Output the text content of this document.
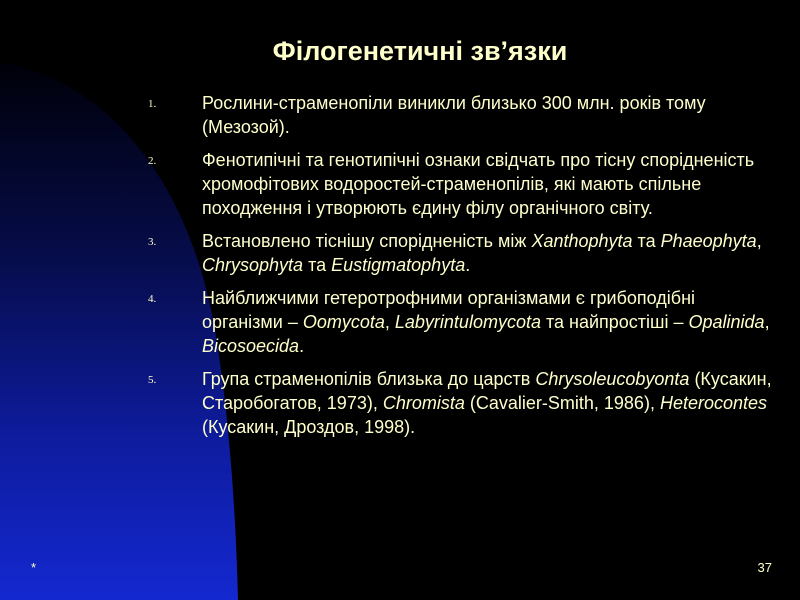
Філогенетичні зв’язки
1.	Рослини-страменопіли виникли близько 300 млн. років тому (Мезозой).
2.	Фенотипічні та генотипічні ознаки свідчать про тісну спорідненість хромофітових водоростей-страменопілів, які мають спільне походження і утворюють єдину філу органічного світу.
3.	Встановлено тіснішу спорідненість між Xanthophyta та Phaeophyta, Chrysophyta та Eustigmatophyta.
4.	Найближчими гетеротрофними організмами є грибоподібні організми – Oomycota, Labyrintulomycota та найпростіші – Opalinida, Bicosoecida.
5.	Група страменопілів близька до царств Chrysoleucobyonta (Кусакин, Старобогатов, 1973), Chromista (Cavalier-Smith, 1986), Heterocontes (Кусакин, Дроздов, 1998).
*	37
